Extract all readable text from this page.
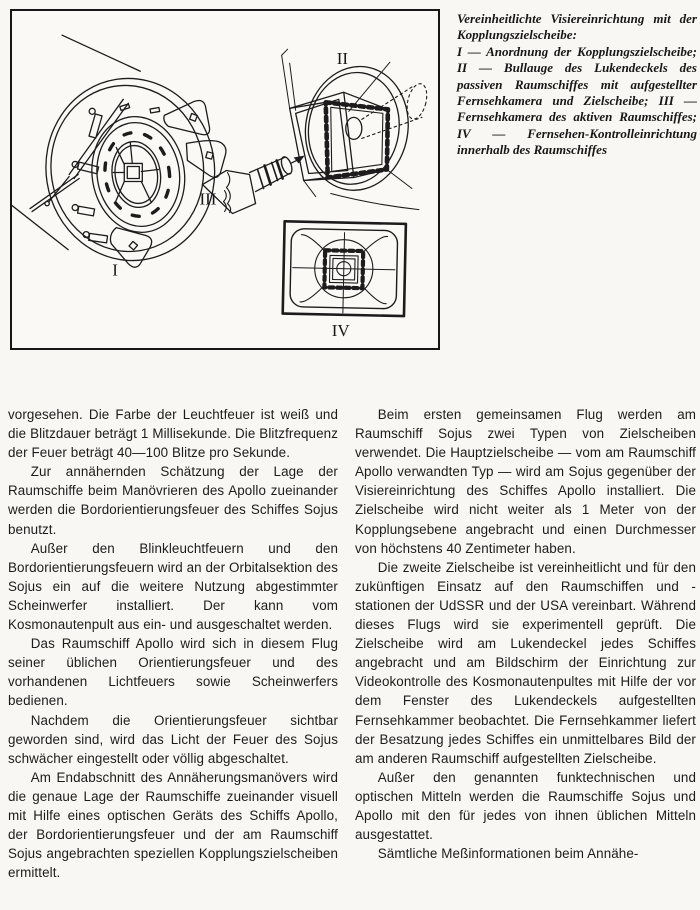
I
II
III
IV

Vereinheitlichte Visiereinrichtung mit der Kopplungszielscheibe:

I — Anordnung der Kopplungszielscheibe; II — Bullauge des Lukendeckels des passiven Raumschiffes mit aufgestellter Fernsehkamera und Zielscheibe; III — Fernsehkamera des aktiven Raumschiffes; IV — Fernsehen-Kontrolleinrichtung innerhalb des Raumschiffes

vorgesehen. Die Farbe der Leuchtfeuer ist weiß und die Blitzdauer beträgt 1 Millisekunde. Die Blitzfrequenz der Feuer beträgt 40—100 Blitze pro Sekunde.

Zur annähernden Schätzung der Lage der Raumschiffe beim Manövrieren des Apollo zueinander werden die Bordorientierungsfeuer des Schiffes Sojus benutzt.

Außer den Blinkleuchtfeuern und den Bordorientierungsfeuern wird an der Orbitalsektion des Sojus ein auf die weitere Nutzung abgestimmter Scheinwerfer installiert. Der kann vom Kosmonautenpult aus ein- und ausgeschaltet werden.

Das Raumschiff Apollo wird sich in diesem Flug seiner üblichen Orientierungsfeuer und des vorhandenen Lichtfeuers sowie Scheinwerfers bedienen.

Nachdem die Orientierungsfeuer sichtbar geworden sind, wird das Licht der Feuer des Sojus schwächer eingestellt oder völlig abgeschaltet.

Am Endabschnitt des Annäherungsmanövers wird die genaue Lage der Raumschiffe zueinander visuell mit Hilfe eines optischen Geräts des Schiffs Apollo, der Bordorientierungsfeuer und der am Raumschiff Sojus angebrachten speziellen Kopplungszielscheiben ermittelt.

Beim ersten gemeinsamen Flug werden am Raumschiff Sojus zwei Typen von Zielscheiben verwendet. Die Hauptzielscheibe — vom am Raumschiff Apollo verwandten Typ — wird am Sojus gegenüber der Visiereinrichtung des Schiffes Apollo installiert. Die Zielscheibe wird nicht weiter als 1 Meter von der Kopplungsebene angebracht und einen Durchmesser von höchstens 40 Zentimeter haben.

Die zweite Zielscheibe ist vereinheitlicht und für den zukünftigen Einsatz auf den Raumschiffen und -stationen der UdSSR und der USA vereinbart. Während dieses Flugs wird sie experimentell geprüft. Die Zielscheibe wird am Lukendeckel jedes Schiffes angebracht und am Bildschirm der Einrichtung zur Videokontrolle des Kosmonautenpultes mit Hilfe der vor dem Fenster des Lukendeckels aufgestellten Fernsehkammer beobachtet. Die Fernsehkammer liefert der Besatzung jedes Schiffes ein unmittelbares Bild der am anderen Raumschiff aufgestellten Zielscheibe.

Außer den genannten funktechnischen und optischen Mitteln werden die Raumschiffe Sojus und Apollo mit den für jedes von ihnen üblichen Mitteln ausgestattet.

Sämtliche Meßinformationen beim Annähe-
